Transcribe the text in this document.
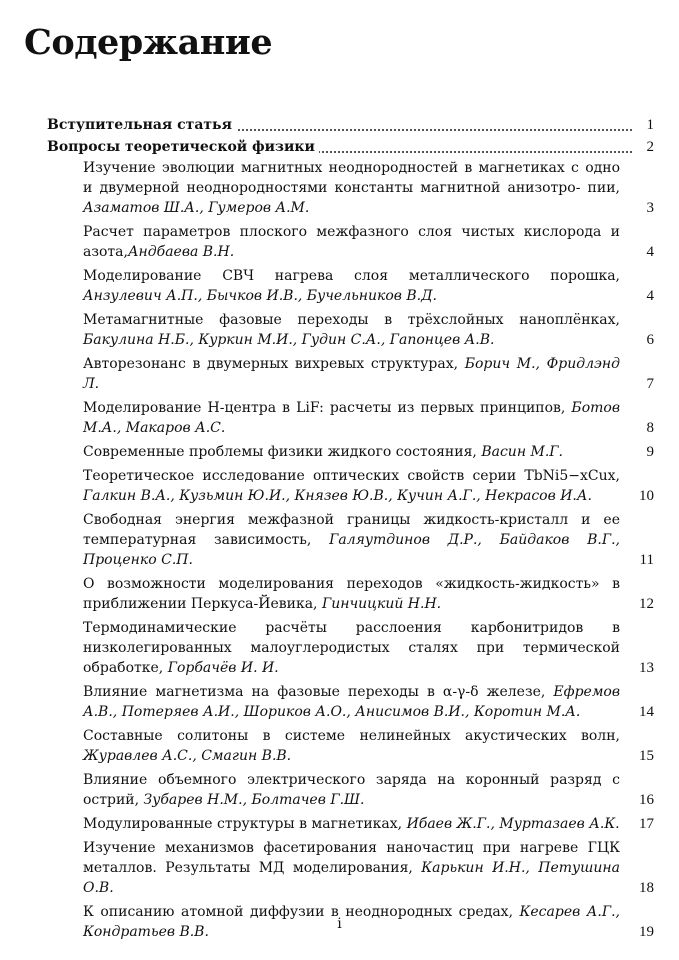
Содержание
Вступительная статья	1
Вопросы теоретической физики	2
Изучение эволюции магнитных неоднородностей в магнетиках с одно и двумерной неоднородностями константы магнитной анизотро- пии, Азаматов Ш.А., Гумеров А.М.	3
Расчет параметров плоского межфазного слоя чистых кислорода и азота,Андбаева В.Н.	4
Моделирование СВЧ нагрева слоя металлического порошка, Анзулевич А.П., Бычков И.В., Бучельников В.Д.	4
Метамагнитные фазовые переходы в трёхслойных наноплёнках, Бакулина Н.Б., Куркин М.И., Гудин С.А., Гапонцев А.В.	6
Авторезонанс в двумерных вихревых структурах, Борич М., Фридлэнд Л.	7
Моделирование H-центра в LiF: расчеты из первых принципов, Ботов М.А., Макаров А.С.	8
Современные проблемы физики жидкого состояния, Васин М.Г.	9
Теоретическое исследование оптических свойств серии TbNi5−xCux, Галкин В.А., Кузьмин Ю.И., Князев Ю.В., Кучин А.Г., Некрасов И.А.	10
Свободная энергия межфазной границы жидкость-кристалл и ее температурная зависимость, Галяутдинов Д.Р., Байдаков В.Г., Проценко С.П.	11
О возможности моделирования переходов «жидкость-жидкость» в приближении Перкуса-Йевика, Гинчицкий Н.Н.	12
Термодинамические расчёты расслоения карбонитридов в низколегированных малоуглеродистых сталях при термической обработке, Горбачёв И. И.	13
Влияние магнетизма на фазовые переходы в α-γ-δ железе, Ефремов А.В., Потеряев А.И., Шориков А.О., Анисимов В.И., Коротин М.А.	14
Составные солитоны в системе нелинейных акустических волн, Журавлев А.С., Смагин В.В.	15
Влияние объемного электрического заряда на коронный разряд с острий, Зубарев Н.М., Болтачев Г.Ш.	16
Модулированные структуры в магнетиках, Ибаев Ж.Г., Муртазаев А.К. 17
Изучение механизмов фасетирования наночастиц при нагреве ГЦК металлов. Результаты МД моделирования, Карькин И.Н., Петушина О.В.	18
К описанию атомной диффузии в неоднородных средах, Кесарев А.Г., Кондратьев В.В.	19
i
